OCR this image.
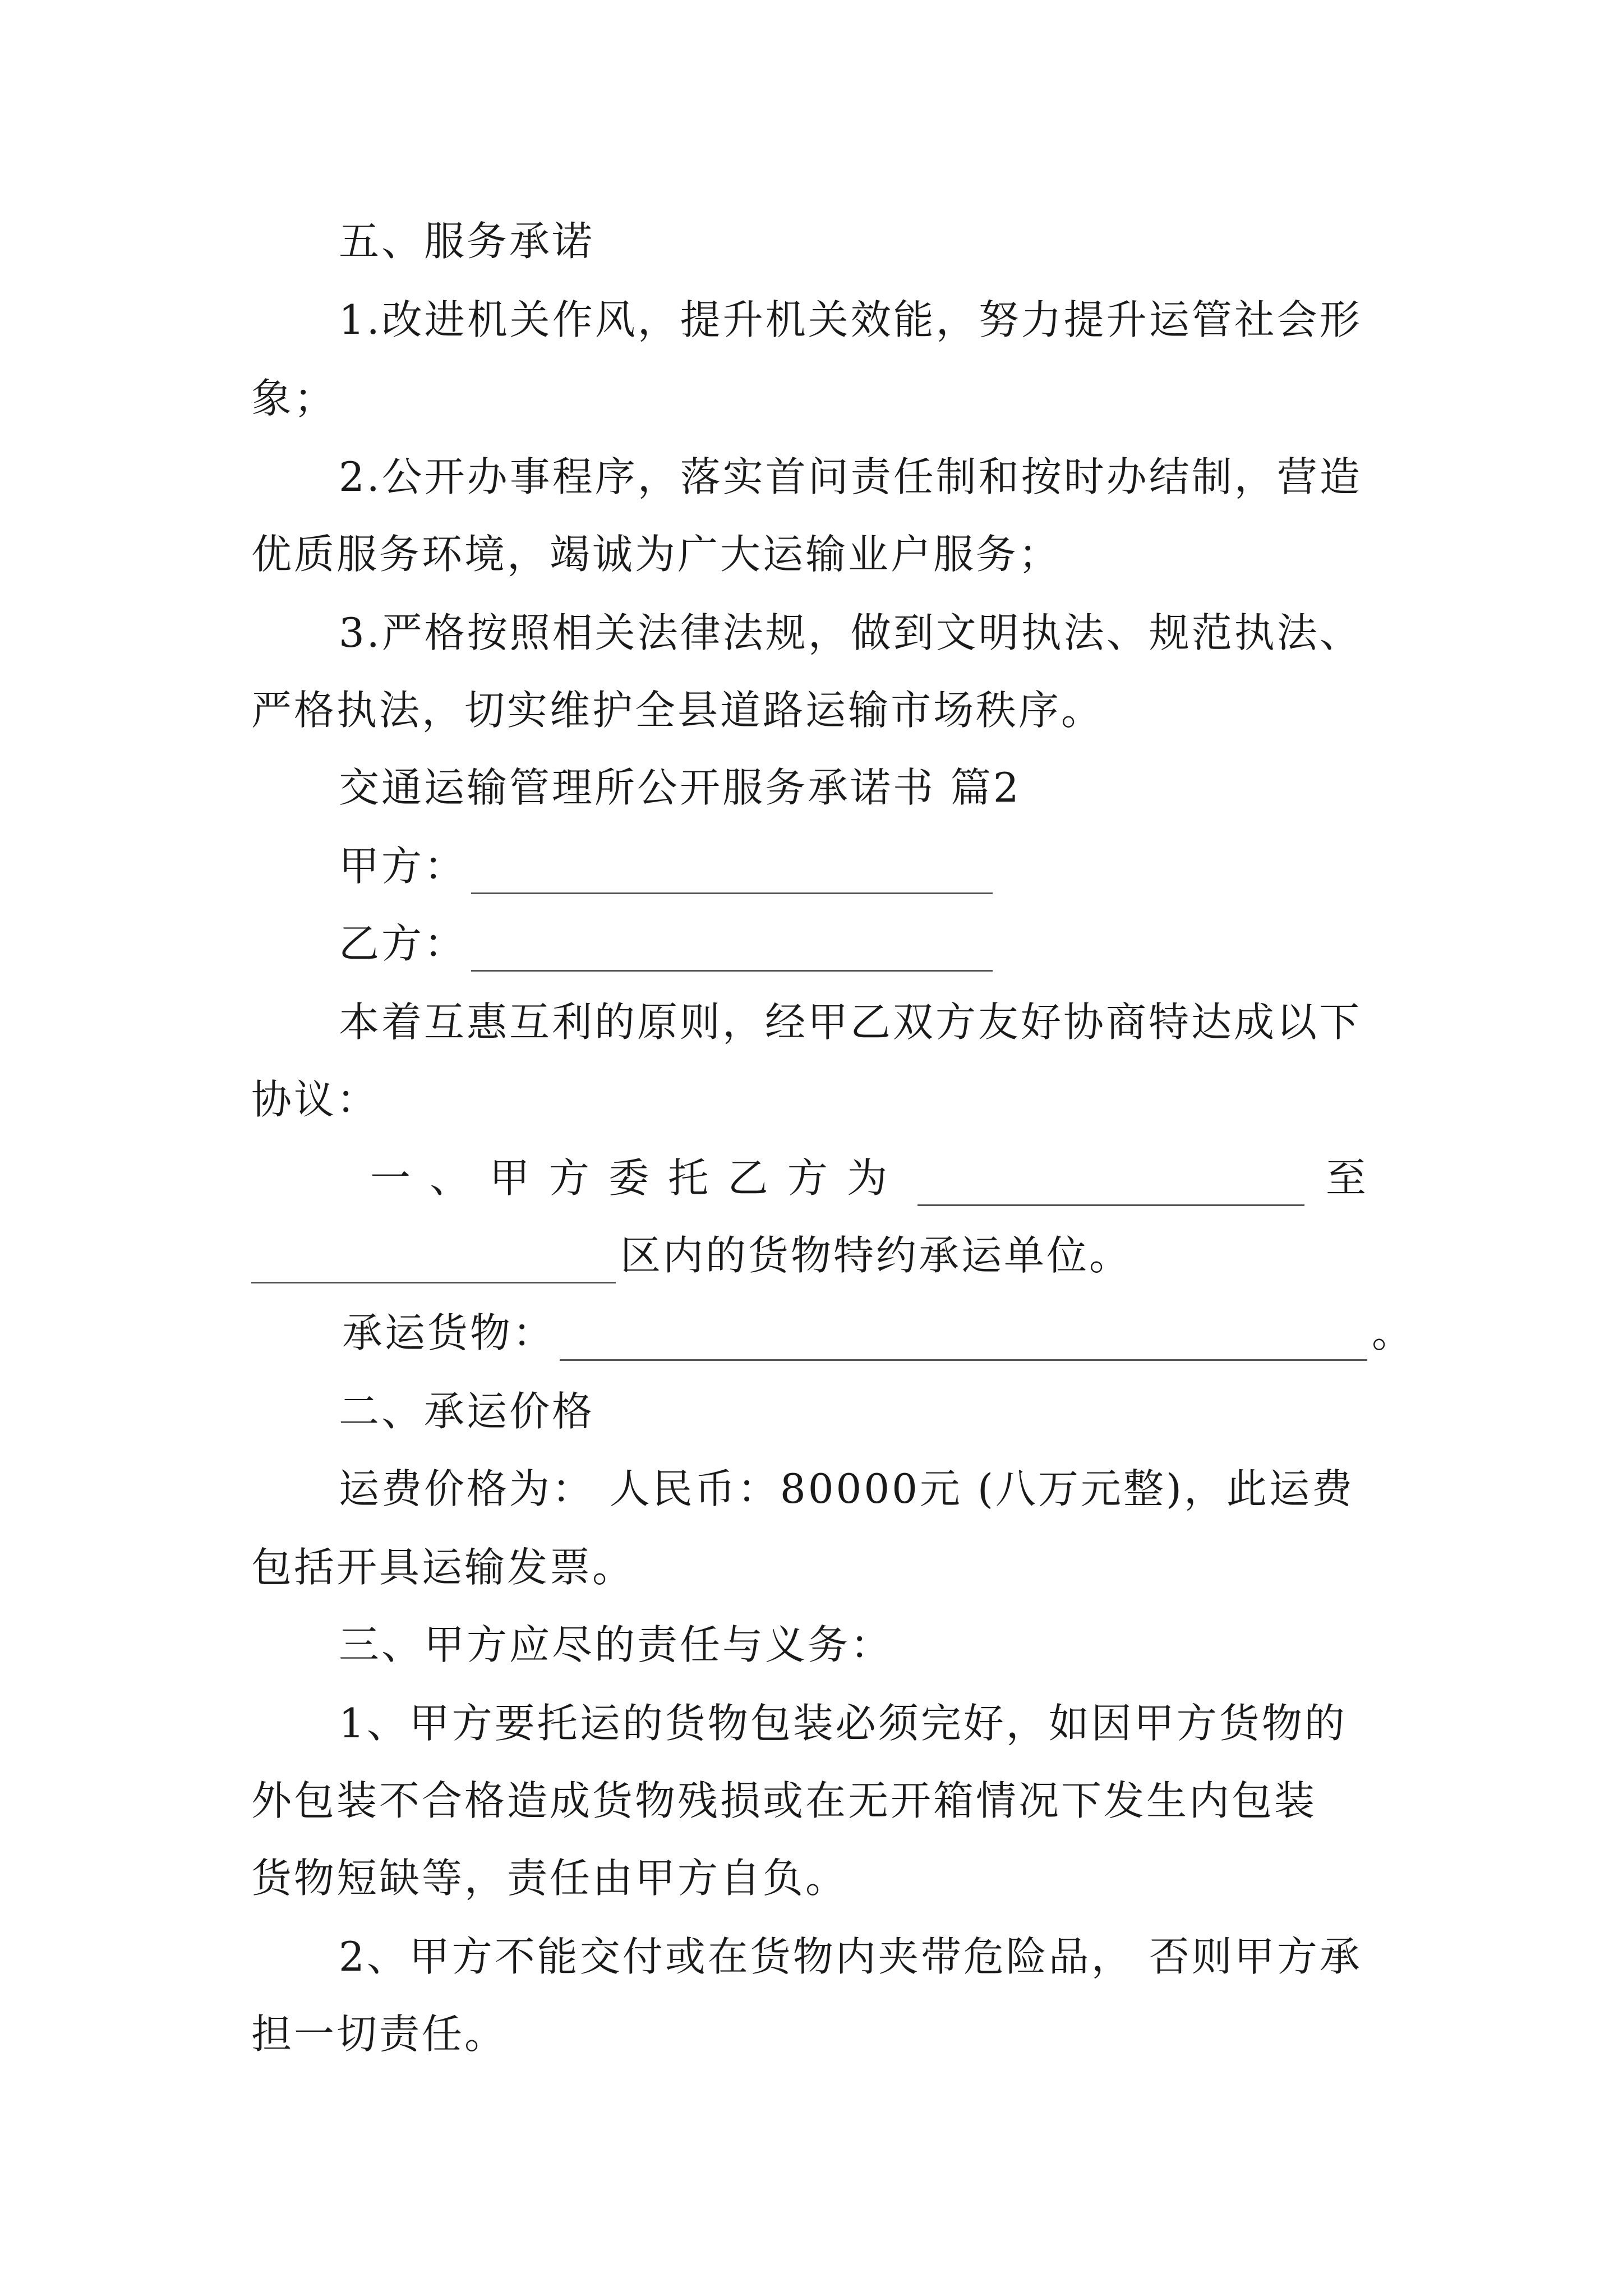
五、服务承诺
1.改进机关作风，提升机关效能，努力提升运管社会形
象；
2.公开办事程序，落实首问责任制和按时办结制，营造
优质服务环境，竭诚为广大运输业户服务；
3.严格按照相关法律法规，做到文明执法、规范执法、
严格执法，切实维护全县道路运输市场秩序。
交通运输管理所公开服务承诺书 篇2
甲方：
乙方：
本着互惠互利的原则，经甲乙双方友好协商特达成以下
协议：
一 、 甲 方 委 托 乙 方 为	至
区内的货物特约承运单位。
承运货物：	。
二、承运价格
运费价格为： 人民币：80000元 (八万元整)，此运费
包括开具运输发票。
三、甲方应尽的责任与义务：
1、甲方要托运的货物包装必须完好，如因甲方货物的
外包装不合格造成货物残损或在无开箱情况下发生内包装
货物短缺等，责任由甲方自负。
2、甲方不能交付或在货物内夹带危险品， 否则甲方承
担一切责任。
